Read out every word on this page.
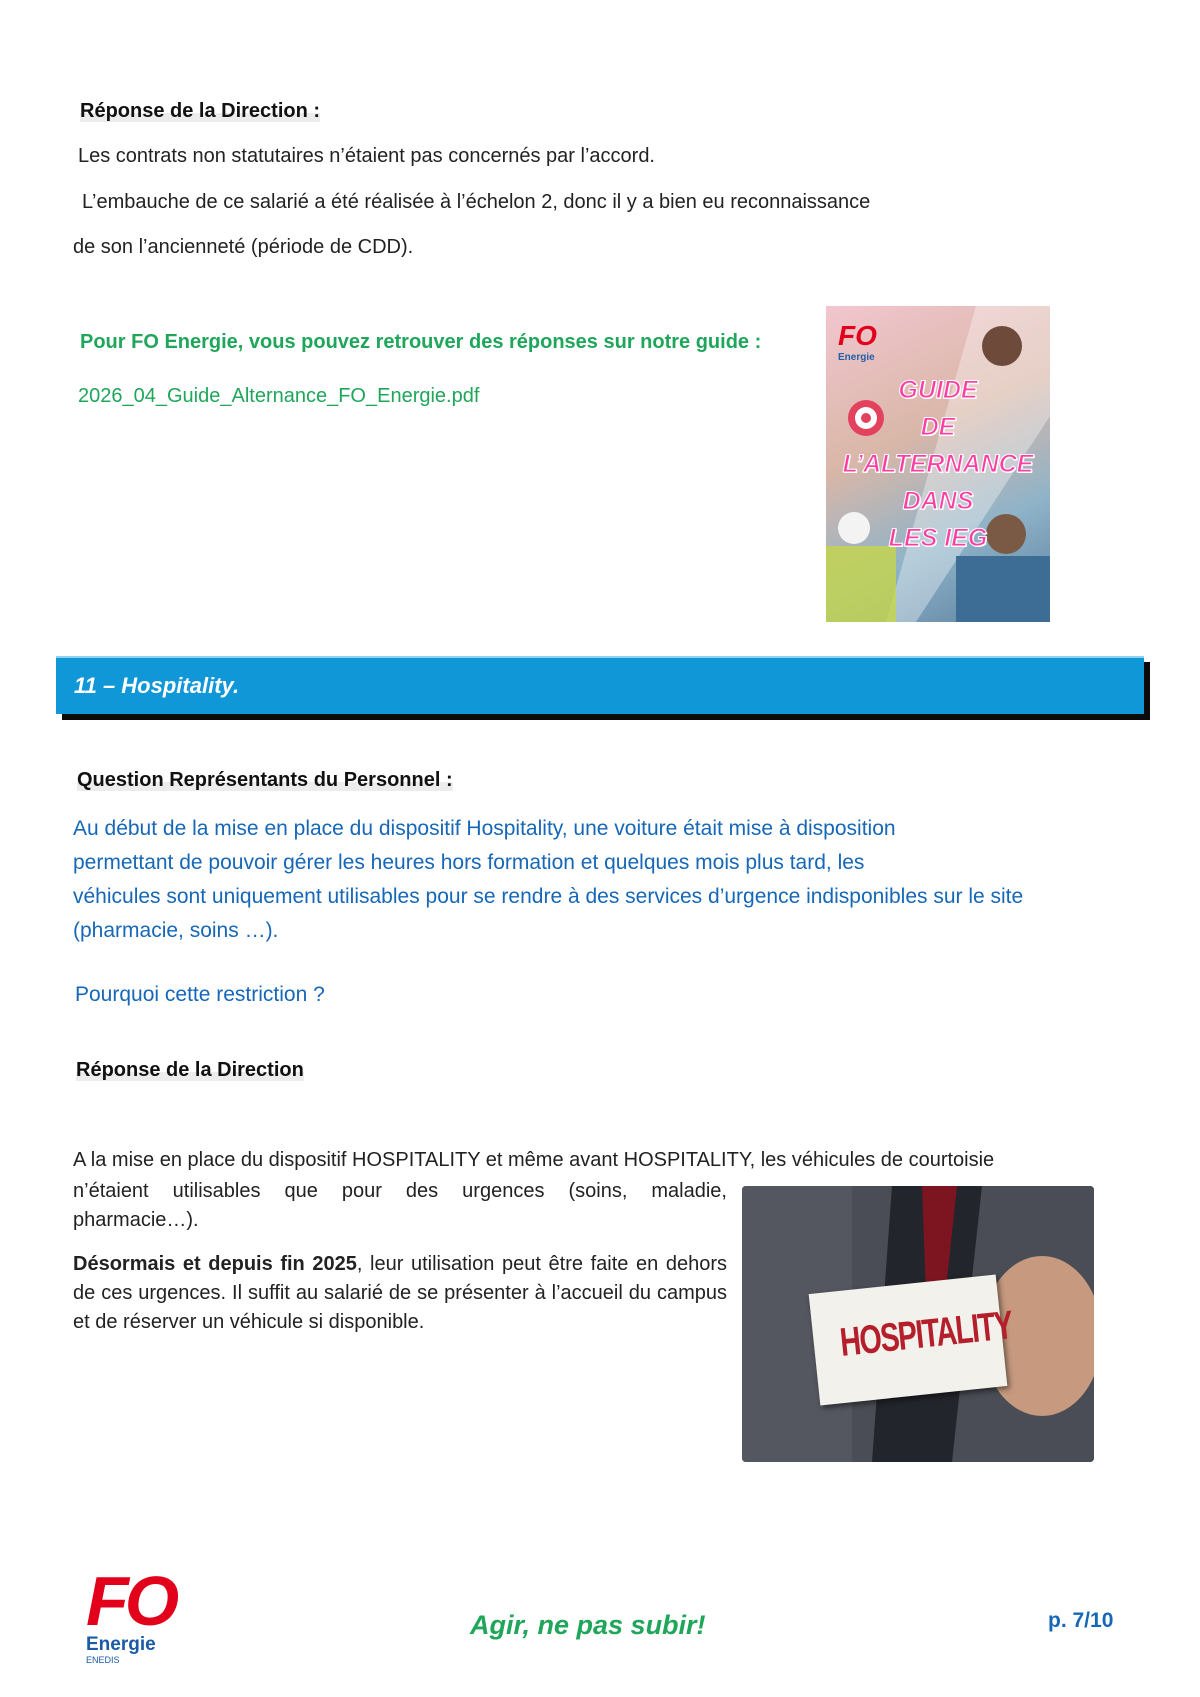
Réponse de la Direction :
Les contrats non statutaires n’étaient pas concernés par l’accord.
L’embauche de ce salarié a été réalisée à l’échelon 2, donc il y a bien eu reconnaissance
de son l’ancienneté (période de CDD).
Pour FO Energie, vous pouvez retrouver des réponses sur notre guide :
2026_04_Guide_Alternance_FO_Energie.pdf
FO
Energie
GUIDE
DE
L’ALTERNANCE
DANS
LES IEG
11 – Hospitality.
Question Représentants du Personnel :
Au début de la mise en place du dispositif Hospitality, une voiture était mise à disposition
permettant de pouvoir gérer les heures hors formation et quelques mois plus tard, les
véhicules sont uniquement utilisables pour se rendre à des services d’urgence indisponibles sur le site
(pharmacie, soins …).
Pourquoi cette restriction ?
Réponse de la Direction
A la mise en place du dispositif HOSPITALITY et même avant HOSPITALITY, les véhicules de courtoisie
n’étaient utilisables que pour des urgences (soins, maladie, pharmacie…).
Désormais et depuis fin 2025, leur utilisation peut être faite en dehors de ces urgences. Il suffit au salarié de se présenter à l’accueil du campus et de réserver un véhicule si disponible.	HOSPITALITY
FO
Energie
ENEDIS
Agir, ne pas subir!	p. 7/10
